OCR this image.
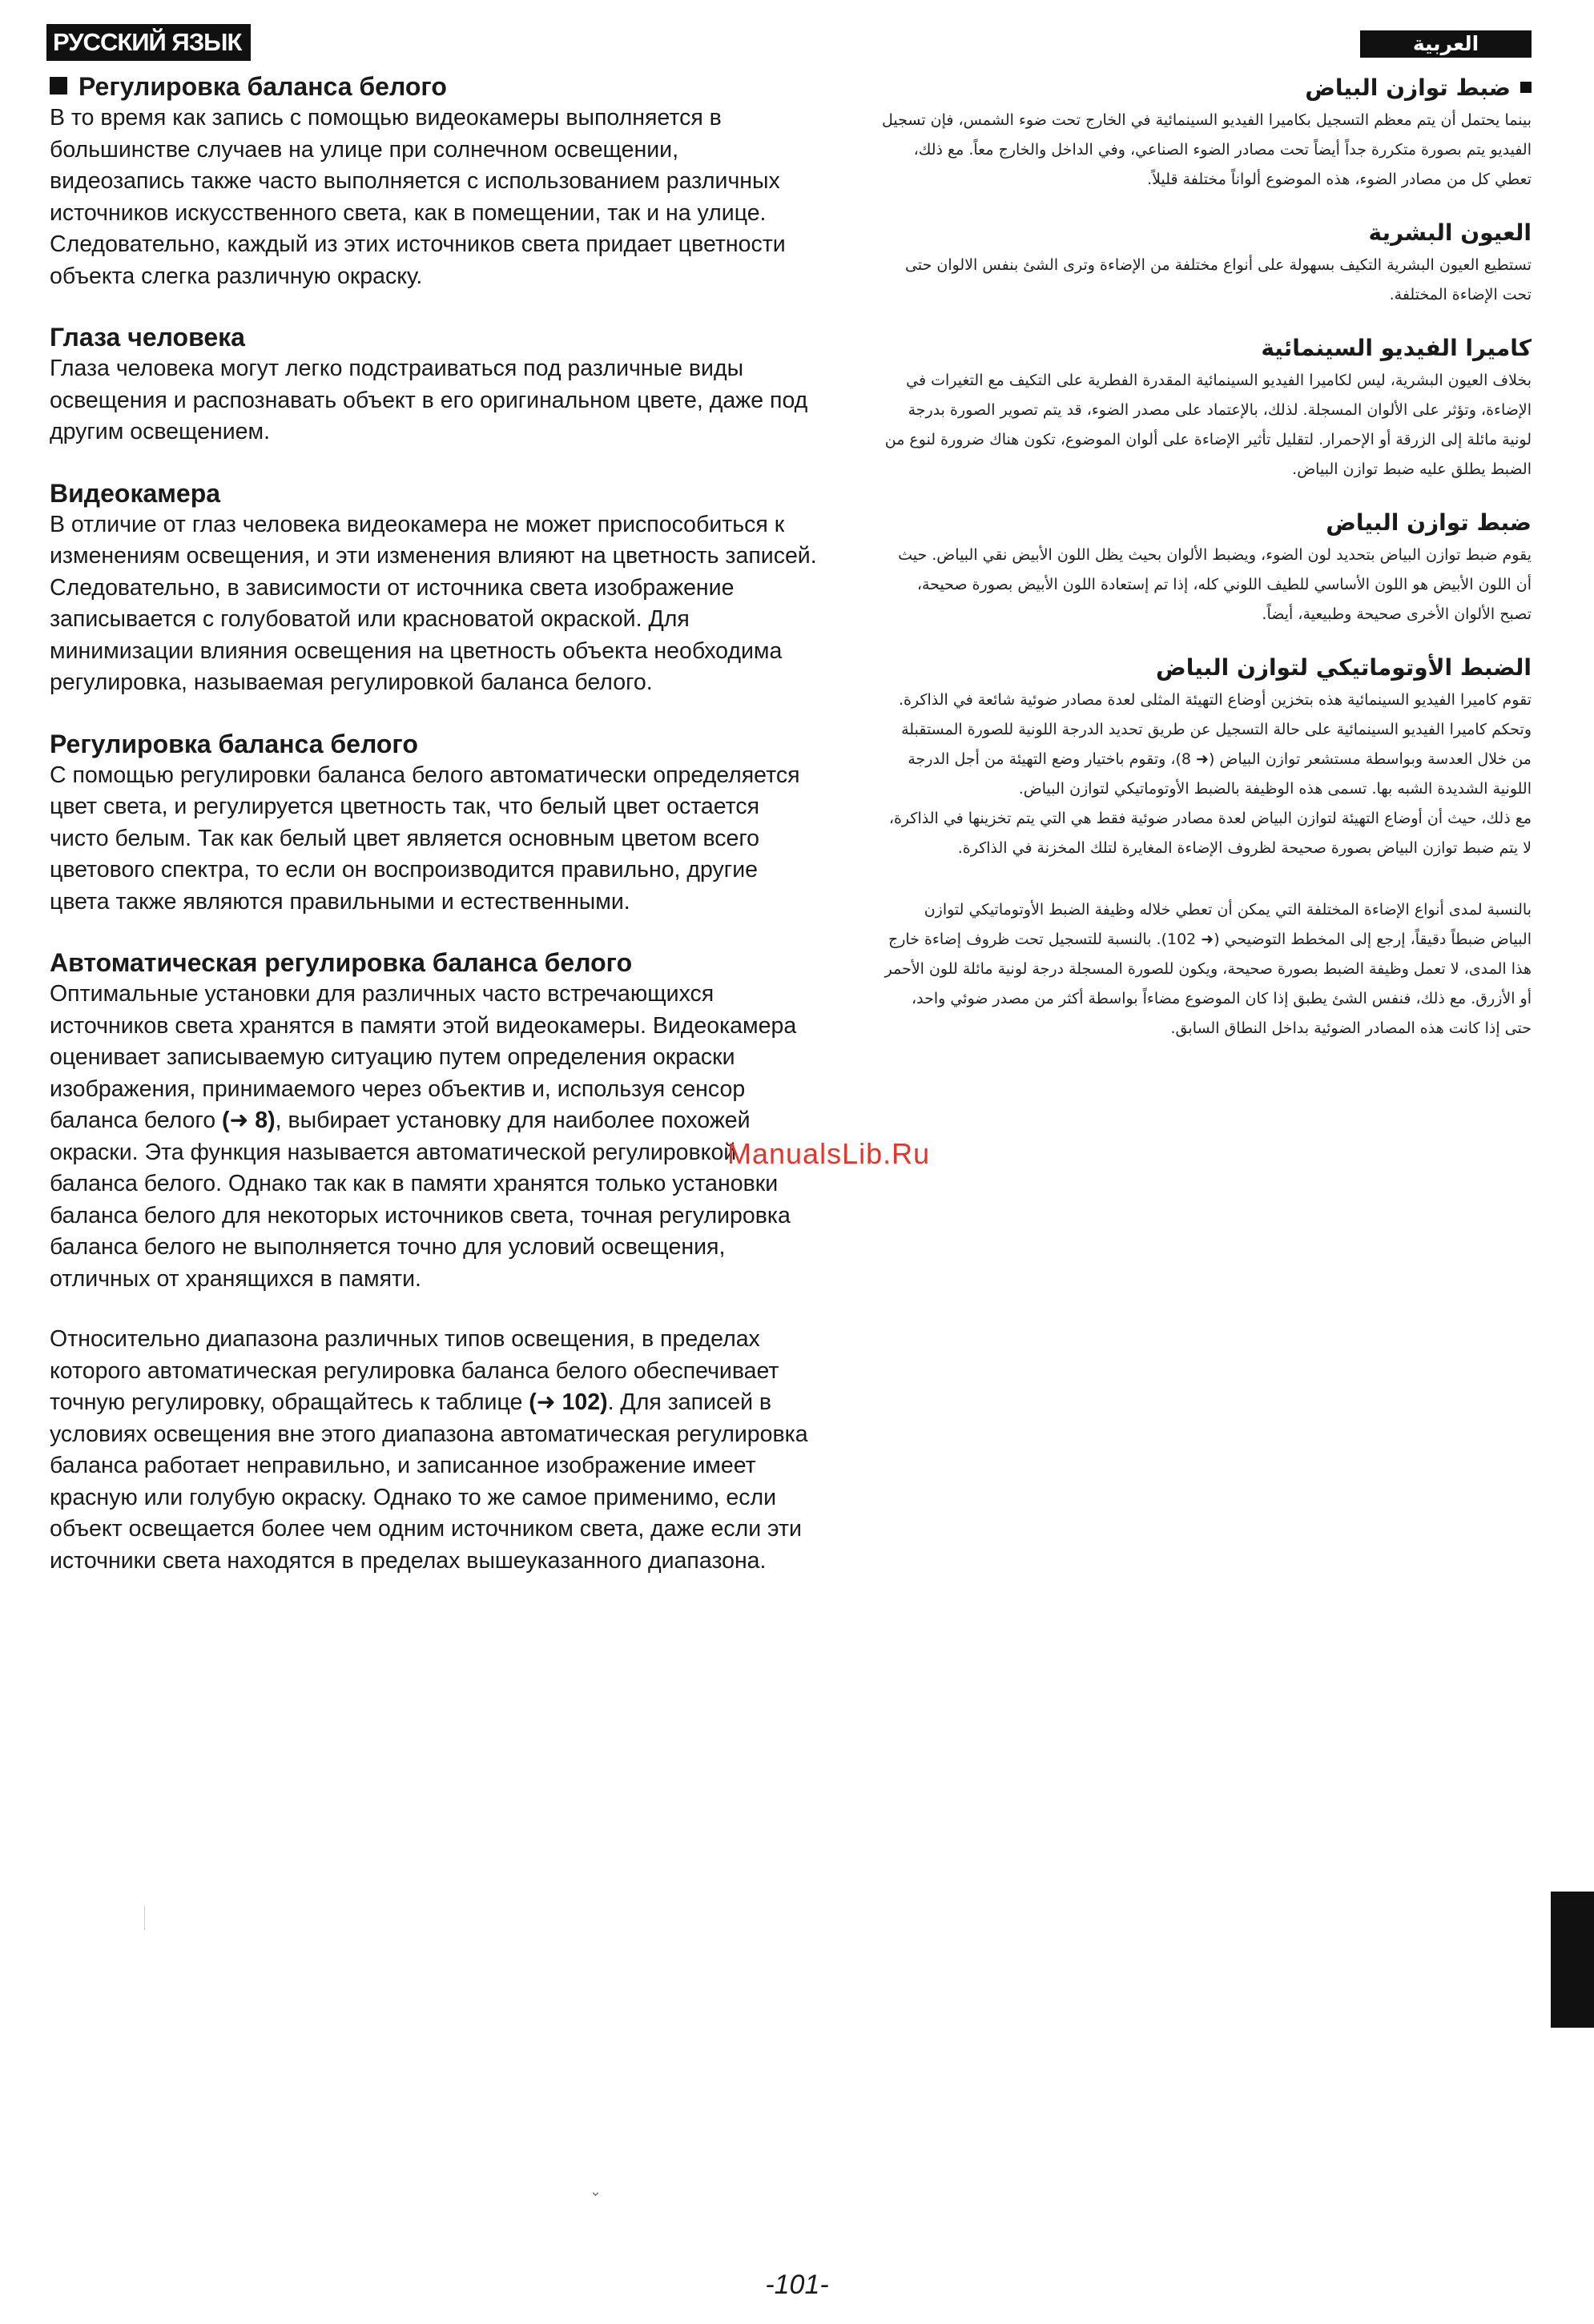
РУССКИЙ ЯЗЫК	العربية
Регулировка баланса белого

В то время как запись с помощью видеокамеры выполняется в большинстве случаев на улице при солнечном освещении, видеозапись также часто выполняется с использованием различных источников искусственного света, как в помещении, так и на улице. Следовательно, каждый из этих источников света придает цветности объекта слегка различную окраску.

Глаза человека

Глаза человека могут легко подстраиваться под различные виды освещения и распознавать объект в его оригинальном цвете, даже под другим освещением.

Видеокамера

В отличие от глаз человека видеокамера не может приспособиться к изменениям освещения, и эти изменения влияют на цветность записей.

Следовательно, в зависимости от источника света изображение записывается с голубоватой или красноватой окраской. Для минимизации влияния освещения на цветность объекта необходима регулировка, называемая регулировкой баланса белого.

Регулировка баланса белого

С помощью регулировки баланса белого автоматически определяется цвет света, и регулируется цветность так, что белый цвет остается чисто белым. Так как белый цвет является основным цветом всего цветового спектра, то если он воспроизводится правильно, другие цвета также являются правильными и естественными.

Автоматическая регулировка баланса белого

Оптимальные установки для различных часто встречающихся источников света хранятся в памяти этой видеокамеры. Видеокамера оценивает записываемую ситуацию путем определения окраски изображения, принимаемого через объектив и, используя сенсор баланса белого (➜ 8), выбирает установку для наиболее похожей окраски. Эта функция называется автоматической регулировкой баланса белого. Однако так как в памяти хранятся только установки баланса белого для некоторых источников света, точная регулировка баланса белого не выполняется точно для условий освещения, отличных от хранящихся в памяти.

Относительно диапазона различных типов освещения, в пределах которого автоматическая регулировка баланса белого обеспечивает точную регулировку, обращайтесь к таблице (➜ 102). Для записей в условиях освещения вне этого диапазона автоматическая регулировка баланса работает неправильно, и записанное изображение имеет красную или голубую окраску. Однако то же самое применимо, если объект освещается более чем одним источником света, даже если эти источники света находятся в пределах вышеуказанного диапазона.

ضبط توازن البياض

بينما يحتمل أن يتم معظم التسجيل بكاميرا الفيديو السينمائية في الخارج تحت ضوء الشمس، فإن تسجيل الفيديو يتم بصورة متكررة جداً أيضاً تحت مصادر الضوء الصناعي، وفي الداخل والخارج معاً. مع ذلك، تعطي كل من مصادر الضوء، هذه الموضوع ألواناً مختلفة قليلاً.

العيون البشرية

تستطيع العيون البشرية التكيف بسهولة على أنواع مختلفة من الإضاءة وترى الشئ بنفس الالوان حتى تحت الإضاءة المختلفة.

كاميرا الفيديو السينمائية

بخلاف العيون البشرية، ليس لكاميرا الفيديو السينمائية المقدرة الفطرية على التكيف مع التغيرات في الإضاءة، وتؤثر على الألوان المسجلة. لذلك، بالإعتماد على مصدر الضوء، قد يتم تصوير الصورة بدرجة لونية مائلة إلى الزرقة أو الإحمرار. لتقليل تأثير الإضاءة على ألوان الموضوع، تكون هناك ضرورة لنوع من الضبط يطلق عليه ضبط توازن البياض.

ضبط توازن البياض

يقوم ضبط توازن البياض بتحديد لون الضوء، ويضبط الألوان بحيث يظل اللون الأبيض نقي البياض. حيث أن اللون الأبيض هو اللون الأساسي للطيف اللوني كله، إذا تم إستعادة اللون الأبيض بصورة صحيحة، تصبح الألوان الأخرى صحيحة وطبيعية، أيضاً.

الضبط الأوتوماتيكي لتوازن البياض

تقوم كاميرا الفيديو السينمائية هذه بتخزين أوضاع التهيئة المثلى لعدة مصادر ضوئية شائعة في الذاكرة. وتحكم كاميرا الفيديو السينمائية على حالة التسجيل عن طريق تحديد الدرجة اللونية للصورة المستقبلة من خلال العدسة وبواسطة مستشعر توازن البياض (➜ 8)، وتقوم باختيار وضع التهيئة من أجل الدرجة اللونية الشديدة الشبه بها. تسمى هذه الوظيفة بالضبط الأوتوماتيكي لتوازن البياض.

مع ذلك، حيث أن أوضاع التهيئة لتوازن البياض لعدة مصادر ضوئية فقط هي التي يتم تخزينها في الذاكرة، لا يتم ضبط توازن البياض بصورة صحيحة لظروف الإضاءة المغايرة لتلك المخزنة في الذاكرة.

بالنسبة لمدى أنواع الإضاءة المختلفة التي يمكن أن تعطي خلاله وظيفة الضبط الأوتوماتيكي لتوازن البياض ضبطاً دقيقاً، إرجع إلى المخطط التوضيحي (➜ 102). بالنسبة للتسجيل تحت ظروف إضاءة خارج هذا المدى، لا تعمل وظيفة الضبط بصورة صحيحة، ويكون للصورة المسجلة درجة لونية مائلة للون الأحمر أو الأزرق. مع ذلك، فنفس الشئ يطبق إذا كان الموضوع مضاءاً بواسطة أكثر من مصدر ضوئي واحد، حتى إذا كانت هذه المصادر الضوئية بداخل النطاق السابق.

ManualsLib.Ru
⌄
-101-
